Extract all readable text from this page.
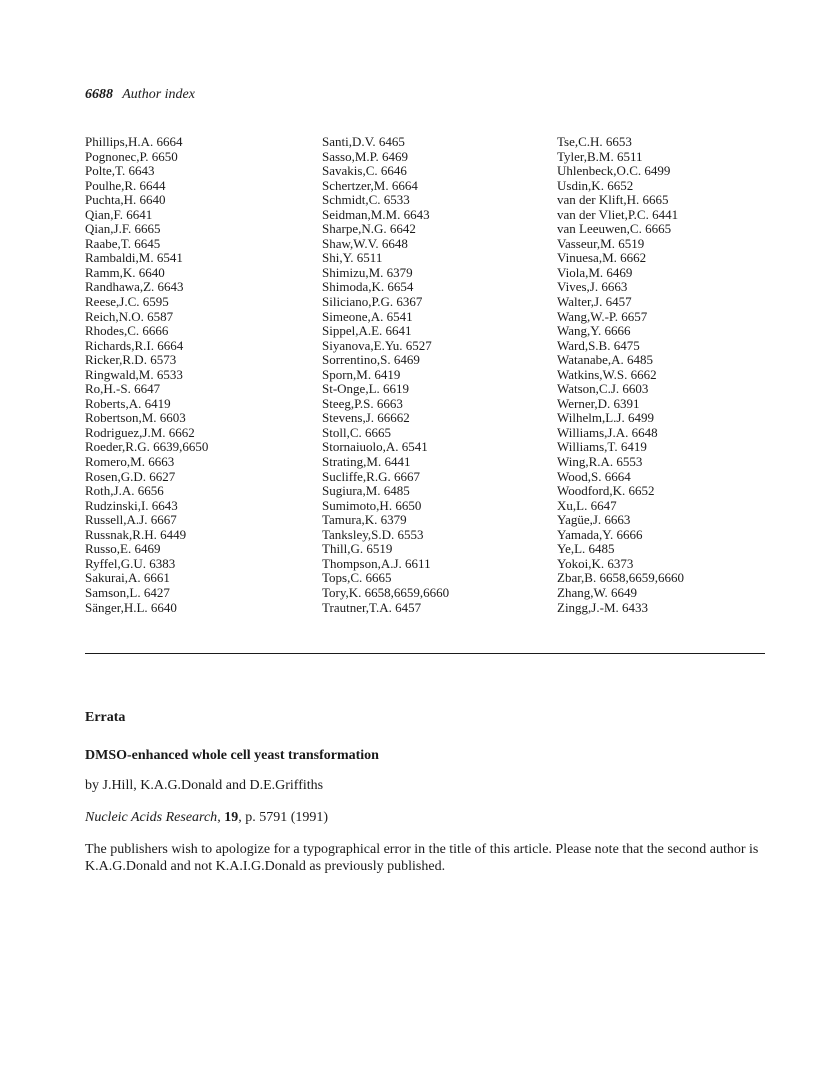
6688 Author index
Phillips,H.A. 6664
Pognonec,P. 6650
Polte,T. 6643
Poulhe,R. 6644
Puchta,H. 6640
Qian,F. 6641
Qian,J.F. 6665
Raabe,T. 6645
Rambaldi,M. 6541
Ramm,K. 6640
Randhawa,Z. 6643
Reese,J.C. 6595
Reich,N.O. 6587
Rhodes,C. 6666
Richards,R.I. 6664
Ricker,R.D. 6573
Ringwald,M. 6533
Ro,H.-S. 6647
Roberts,A. 6419
Robertson,M. 6603
Rodriguez,J.M. 6662
Roeder,R.G. 6639,6650
Romero,M. 6663
Rosen,G.D. 6627
Roth,J.A. 6656
Rudzinski,I. 6643
Russell,A.J. 6667
Russnak,R.H. 6449
Russo,E. 6469
Ryffel,G.U. 6383
Sakurai,A. 6661
Samson,L. 6427
Sänger,H.L. 6640
Santi,D.V. 6465
Sasso,M.P. 6469
Savakis,C. 6646
Schertzer,M. 6664
Schmidt,C. 6533
Seidman,M.M. 6643
Sharpe,N.G. 6642
Shaw,W.V. 6648
Shi,Y. 6511
Shimizu,M. 6379
Shimoda,K. 6654
Siliciano,P.G. 6367
Simeone,A. 6541
Sippel,A.E. 6641
Siyanova,E.Yu. 6527
Sorrentino,S. 6469
Sporn,M. 6419
St-Onge,L. 6619
Steeg,P.S. 6663
Stevens,J. 66662
Stoll,C. 6665
Stornaiuolo,A. 6541
Strating,M. 6441
Sucliffe,R.G. 6667
Sugiura,M. 6485
Sumimoto,H. 6650
Tamura,K. 6379
Tanksley,S.D. 6553
Thill,G. 6519
Thompson,A.J. 6611
Tops,C. 6665
Tory,K. 6658,6659,6660
Trautner,T.A. 6457
Tse,C.H. 6653
Tyler,B.M. 6511
Uhlenbeck,O.C. 6499
Usdin,K. 6652
van der Klift,H. 6665
van der Vliet,P.C. 6441
van Leeuwen,C. 6665
Vasseur,M. 6519
Vinuesa,M. 6662
Viola,M. 6469
Vives,J. 6663
Walter,J. 6457
Wang,W.-P. 6657
Wang,Y. 6666
Ward,S.B. 6475
Watanabe,A. 6485
Watkins,W.S. 6662
Watson,C.J. 6603
Werner,D. 6391
Wilhelm,L.J. 6499
Williams,J.A. 6648
Williams,T. 6419
Wing,R.A. 6553
Wood,S. 6664
Woodford,K. 6652
Xu,L. 6647
Yagüe,J. 6663
Yamada,Y. 6666
Ye,L. 6485
Yokoi,K. 6373
Zbar,B. 6658,6659,6660
Zhang,W. 6649
Zingg,J.-M. 6433
Errata
DMSO-enhanced whole cell yeast transformation
by J.Hill, K.A.G.Donald and D.E.Griffiths
Nucleic Acids Research, 19, p. 5791 (1991)
The publishers wish to apologize for a typographical error in the title of this article. Please note that the second author is K.A.G.Donald and not K.A.I.G.Donald as previously published.
